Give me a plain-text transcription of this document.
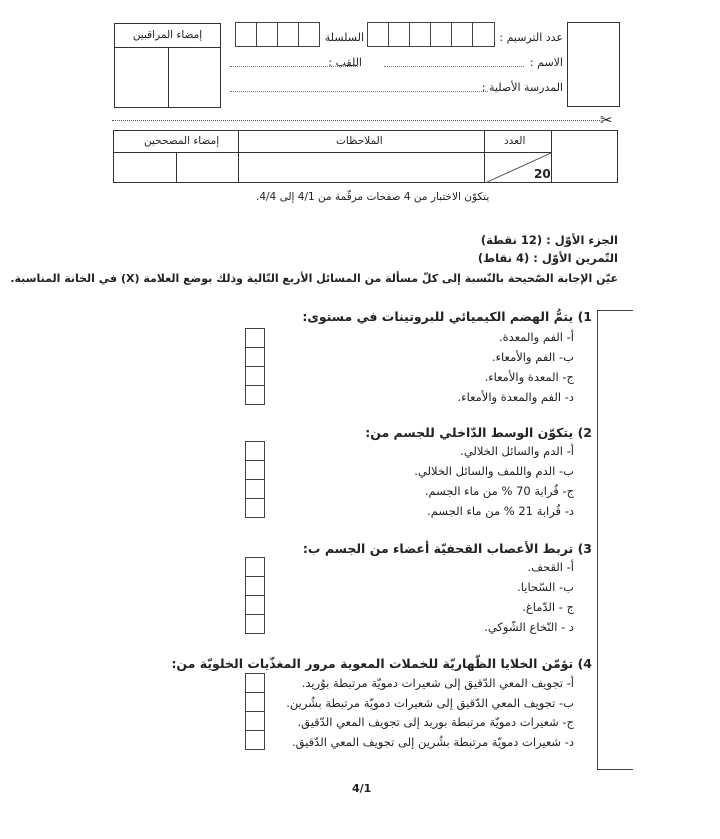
عدد الترسيم :
السلسلة :
الاسم :
اللقب :
المدرسة الأصلية :
إمضاء المراقبين
✂
إمضاء المصححين	الملاحظات	العدد
20
يتكوّن الاختبار من 4 صفحات مرقّمة من 4/1 إلى 4/4.
الجزء الأوّل : (12 نقطة)
التّمرين الأوّل : (4 نقاط)
عيّن الإجابة الصّحيحة بالنّسبة إلى كلّ مسألة من المسائل الأربع التّالية وذلك بوضع العلامة (X) في الخانة المناسبة.
1) يتمُّ الهضم الكيميائي للبروتينات في مستوى:
أ- الفم والمعدة.
ب- الفم والأمعاء.
ج- المعدة والأمعاء.
د- الفم والمعدة والأمعاء.
2) يتكوّن الوسط الدّاخلي للجسم من:
أ- الدم والسائل الخلالي.
ب- الدم واللمف والسائل الخلالي.
ج- قُرابة 70 % من ماء الجسم.
د- قُرابة 21 % من ماء الجسم.
3) تربط الأعصاب القحفيّة أعضاء من الجسم ب:
أ- القحف.
ب- السّحايا.
ج - الدّماغ.
د - النّخاع الشّوكي.
4) تؤمّن الخلايا الظّهاريّة للخملات المعوية مرور المغذّيات الخلويّة من:
أ- تجويف المعي الدّقيق إلى شعيرات دمويّة مرتبطة بوُريد.
ب- تجويف المعي الدّقيق إلى شعيرات دمويّة مرتبطة بشُرين.
ج- شعيرات دمويّة مرتبطة بوريد إلى تجويف المعي الدّقيق.
د- شعيرات دمويّة مرتبطة بشُرين إلى تجويف المعي الدّقيق.
4/1
